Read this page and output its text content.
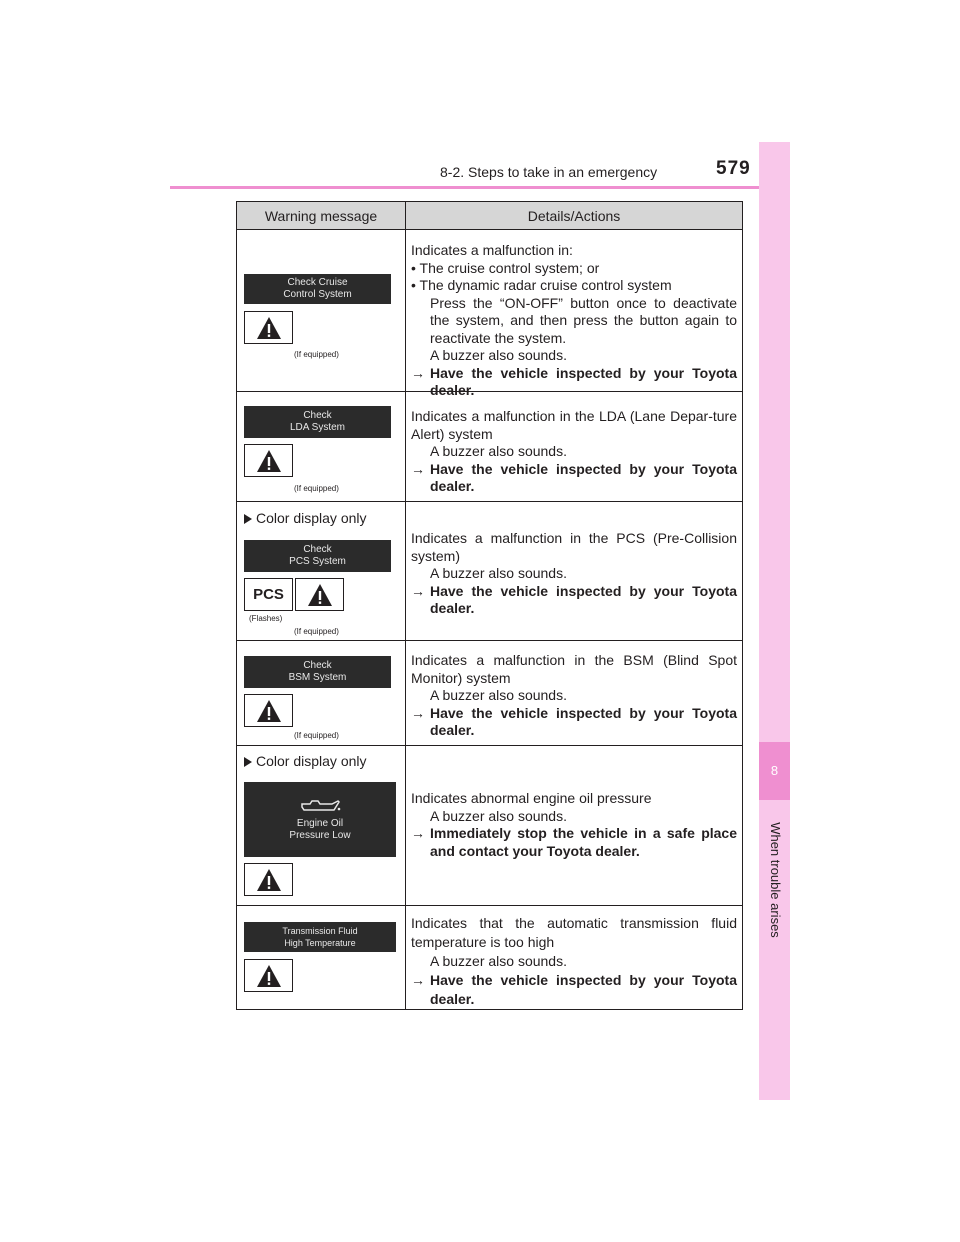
8-2. Steps to take in an emergency	579
8
When trouble arises
Warning message	Details/Actions
Check Cruise
Control System
(If equipped)

Indicates a malfunction in:

• The cruise control system; or

• The dynamic radar cruise control system

Press the “ON-OFF” button once to deactivate the system, and then press the button again to reactivate the system.

A buzzer also sounds.

→ Have the vehicle inspected by your Toyota dealer.

Check
LDA System
(If equipped)

Indicates a malfunction in the LDA (Lane Depar-ture Alert) system

A buzzer also sounds.

→ Have the vehicle inspected by your Toyota dealer.

Color display only
Check
PCS System
PCS
(Flashes)
(If equipped)

Indicates a malfunction in the PCS (Pre-Collision system)

A buzzer also sounds.

→ Have the vehicle inspected by your Toyota dealer.

Check
BSM System
(If equipped)

Indicates a malfunction in the BSM (Blind Spot Monitor) system

A buzzer also sounds.

→ Have the vehicle inspected by your Toyota dealer.

Color display only
Engine Oil
Pressure Low

Indicates abnormal engine oil pressure

A buzzer also sounds.

→ Immediately stop the vehicle in a safe place and contact your Toyota dealer.

Transmission Fluid
High Temperature

Indicates that the automatic transmission fluid temperature is too high

A buzzer also sounds.

→ Have the vehicle inspected by your Toyota dealer.
